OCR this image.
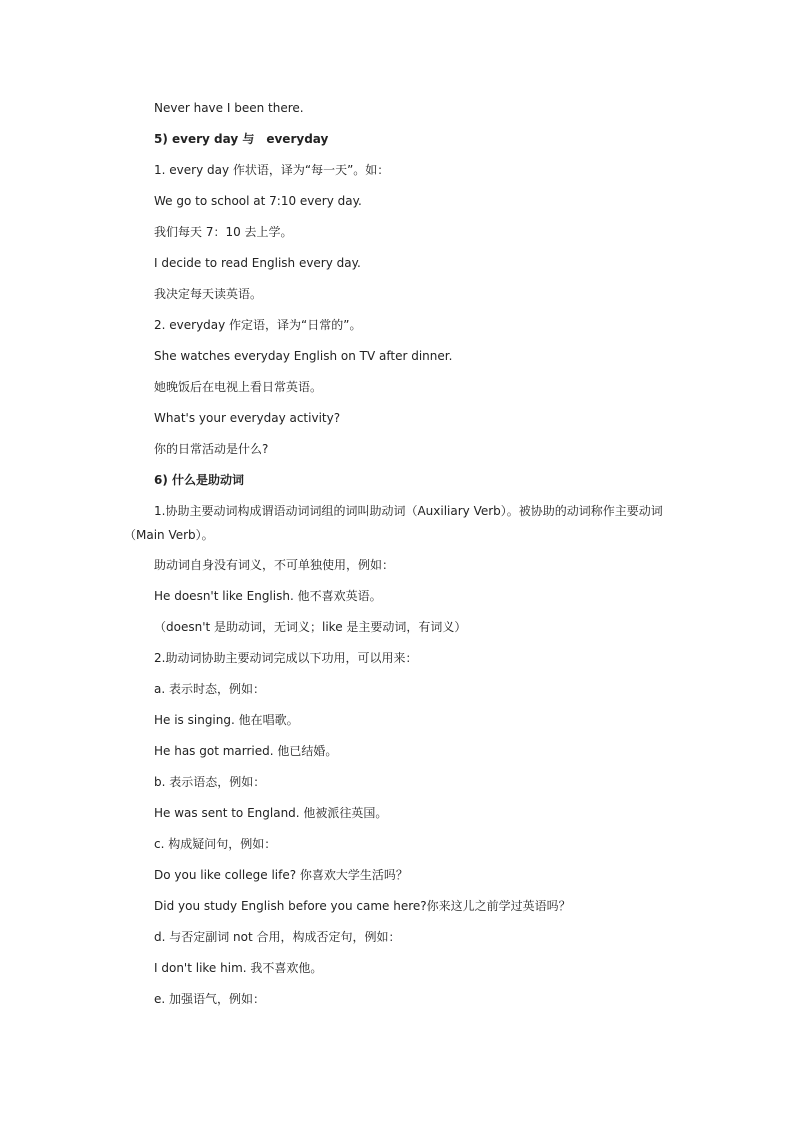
Never have I been there.
5) every day 与　everyday
1. every day 作状语，译为“每一天”。如：
We go to school at 7:10 every day.
我们每天 7：10 去上学。
I decide to read English every day.
我决定每天读英语。
2. everyday 作定语，译为“日常的”。
She watches everyday English on TV after dinner.
她晚饭后在电视上看日常英语。
What's your everyday activity?
你的日常活动是什么?
6) 什么是助动词
1.协助主要动词构成谓语动词词组的词叫助动词（Auxiliary Verb）。被协助的动词称作主要动词（Main Verb）。
助动词自身没有词义，不可单独使用，例如：
He doesn't like English. 他不喜欢英语。
（doesn't 是助动词，无词义；like 是主要动词，有词义）
2.助动词协助主要动词完成以下功用，可以用来：
a. 表示时态，例如：
He is singing. 他在唱歌。
He has got married. 他已结婚。
b. 表示语态，例如：
He was sent to England. 他被派往英国。
c. 构成疑问句，例如：
Do you like college life? 你喜欢大学生活吗？
Did you study English before you came here?你来这儿之前学过英语吗？
d. 与否定副词 not 合用，构成否定句，例如：
I don't like him. 我不喜欢他。
e. 加强语气，例如：
